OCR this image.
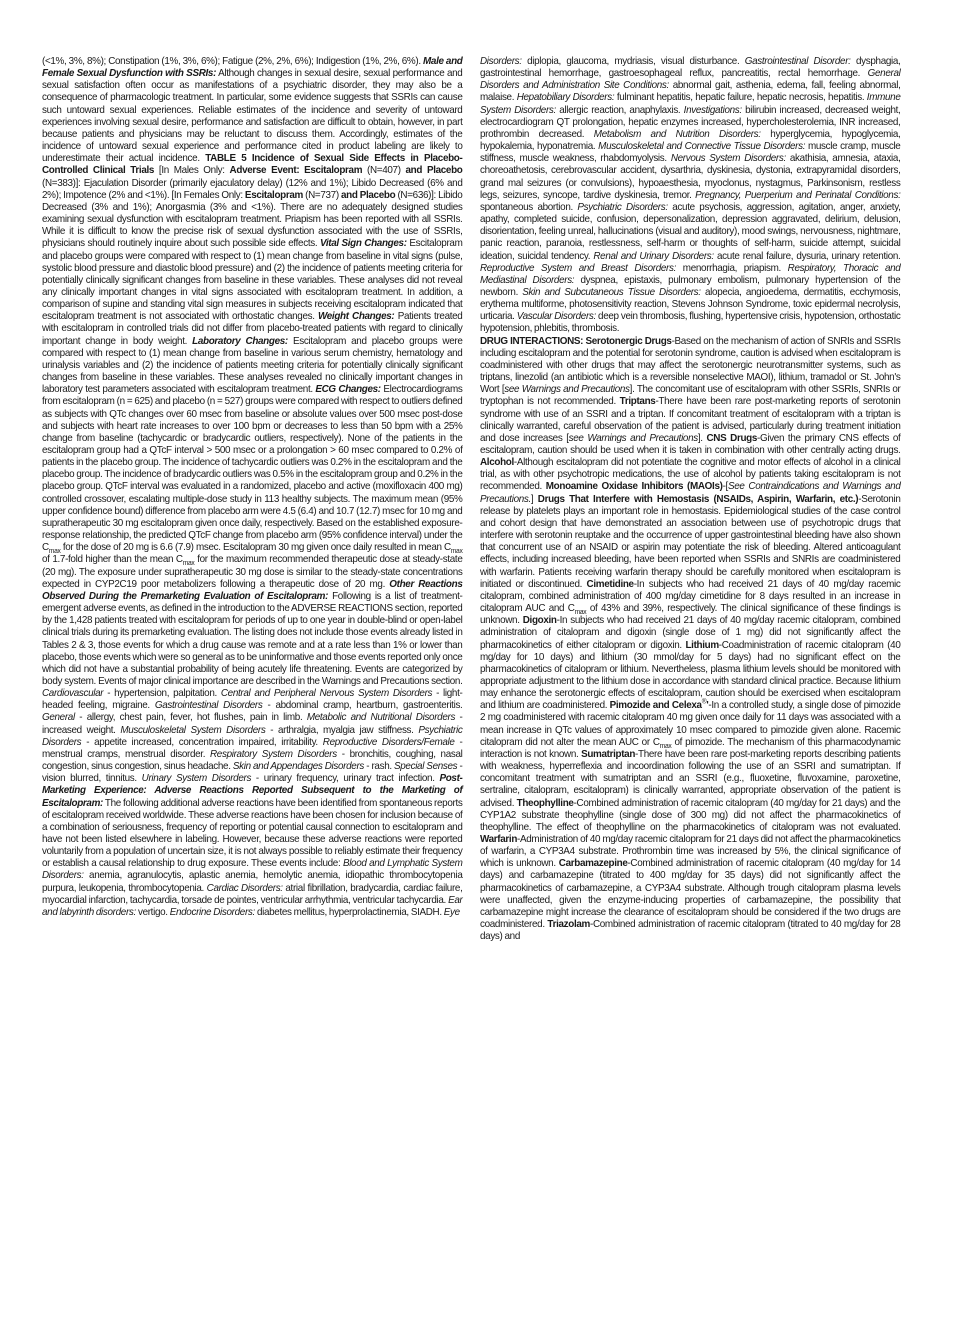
(<1%, 3%, 8%); Constipation (1%, 3%, 6%); Fatigue (2%, 2%, 6%); Indigestion (1%, 2%, 6%). Male and Female Sexual Dysfunction with SSRIs: Although changes in sexual desire, sexual performance and sexual satisfaction often occur as manifestations of a psychiatric disorder, they may also be a consequence of pharmacologic treatment. In particular, some evidence suggests that SSRIs can cause such untoward sexual experiences. Reliable estimates of the incidence and severity of untoward experiences involving sexual desire, performance and satisfaction are difficult to obtain, however, in part because patients and physicians may be reluctant to discuss them. Accordingly, estimates of the incidence of untoward sexual experience and performance cited in product labeling are likely to underestimate their actual incidence. TABLE 5 Incidence of Sexual Side Effects in Placebo-Controlled Clinical Trials [In Males Only: Adverse Event: Escitalopram (N=407) and Placebo (N=383)]: Ejaculation Disorder (primarily ejaculatory delay) (12% and 1%); Libido Decreased (6% and 2%); Impotence (2% and <1%). [In Females Only: Escitalopram (N=737) and Placebo (N=636)]: Libido Decreased (3% and 1%); Anorgasmia (3% and <1%). There are no adequately designed studies examining sexual dysfunction with escitalopram treatment. Priapism has been reported with all SSRIs. While it is difficult to know the precise risk of sexual dysfunction associated with the use of SSRIs, physicians should routinely inquire about such possible side effects. Vital Sign Changes: Escitalopram and placebo groups were compared with respect to (1) mean change from baseline in vital signs (pulse, systolic blood pressure and diastolic blood pressure) and (2) the incidence of patients meeting criteria for potentially clinically significant changes from baseline in these variables. These analyses did not reveal any clinically important changes in vital signs associated with escitalopram treatment. In addition, a comparison of supine and standing vital sign measures in subjects receiving escitalopram indicated that escitalopram treatment is not associated with orthostatic changes. Weight Changes: Patients treated with escitalopram in controlled trials did not differ from placebo-treated patients with regard to clinically important change in body weight. Laboratory Changes: Escitalopram and placebo groups were compared with respect to (1) mean change from baseline in various serum chemistry, hematology and urinalysis variables and (2) the incidence of patients meeting criteria for potentially clinically significant changes from baseline in these variables. These analyses revealed no clinically important changes in laboratory test parameters associated with escitalopram treatment. ECG Changes: Electrocardiograms from escitalopram (n = 625) and placebo (n = 527) groups were compared with respect to outliers defined as subjects with QTc changes over 60 msec from baseline or absolute values over 500 msec post-dose and subjects with heart rate increases to over 100 bpm or decreases to less than 50 bpm with a 25% change from baseline (tachycardic or bradycardic outliers, respectively). None of the patients in the escitalopram group had a QTcF interval > 500 msec or a prolongation > 60 msec compared to 0.2% of patients in the placebo group. The incidence of tachycardic outliers was 0.2% in the escitalopram and the placebo group. The incidence of bradycardic outliers was 0.5% in the escitalopram group and 0.2% in the placebo group. QTcF interval was evaluated in a randomized, placebo and active (moxifloxacin 400 mg) controlled crossover, escalating multiple-dose study in 113 healthy subjects. The maximum mean (95% upper confidence bound) difference from placebo arm were 4.5 (6.4) and 10.7 (12.7) msec for 10 mg and supratherapeutic 30 mg escitalopram given once daily, respectively. Based on the established exposure-response relationship, the predicted QTcF change from placebo arm (95% confidence interval) under the $C_{max}$ for the dose of 20 mg is 6.6 (7.9) msec. Escitalopram 30 mg given once daily resulted in mean $C_{max}$ of 1.7-fold higher than the mean $C_{max}$ for the maximum recommended therapeutic dose at steady-state (20 mg). The exposure under supratherapeutic 30 mg dose is similar to the steady-state concentrations expected in CYP2C19 poor metabolizers following a therapeutic dose of 20 mg. Other Reactions Observed During the Premarketing Evaluation of Escitalopram: Following is a list of treatment-emergent adverse events, as defined in the introduction to the ADVERSE REACTIONS section, reported by the 1,428 patients treated with escitalopram for periods of up to one year in double-blind or open-label clinical trials during its premarketing evaluation. The listing does not include those events already listed in Tables 2 & 3, those events for which a drug cause was remote and at a rate less than 1% or lower than placebo, those events which were so general as to be uninformative and those events reported only once which did not have a substantial probability of being acutely life threatening. Events are categorized by body system. Events of major clinical importance are described in the Warnings and Precautions section. Cardiovascular - hypertension, palpitation. Central and Peripheral Nervous System Disorders - light-headed feeling, migraine. Gastrointestinal Disorders - abdominal cramp, heartburn, gastroenteritis. General - allergy, chest pain, fever, hot flushes, pain in limb. Metabolic and Nutritional Disorders - increased weight. Musculoskeletal System Disorders - arthralgia, myalgia jaw stiffness. Psychiatric Disorders - appetite increased, concentration impaired, irritability. Reproductive Disorders/Female - menstrual cramps, menstrual disorder. Respiratory System Disorders - bronchitis, coughing, nasal congestion, sinus congestion, sinus headache. Skin and Appendages Disorders - rash. Special Senses - vision blurred, tinnitus. Urinary System Disorders - urinary frequency, urinary tract infection. Post-Marketing Experience: Adverse Reactions Reported Subsequent to the Marketing of Escitalopram: The following additional adverse reactions have been identified from spontaneous reports of escitalopram received worldwide. These adverse reactions have been chosen for inclusion because of a combination of seriousness, frequency of reporting or potential causal connection to escitalopram and have not been listed elsewhere in labeling. However, because these adverse reactions were reported voluntarily from a population of uncertain size, it is not always possible to reliably estimate their frequency or establish a causal relationship to drug exposure. These events include: Blood and Lymphatic System Disorders: anemia, agranulocytis, aplastic anemia, hemolytic anemia, idiopathic thrombocytopenia purpura, leukopenia, thrombocytopenia. Cardiac Disorders: atrial fibrillation, bradycardia, cardiac failure, myocardial infarction, tachycardia, torsade de pointes, ventricular arrhythmia, ventricular tachycardia. Ear and labyrinth disorders: vertigo. Endocrine Disorders: diabetes mellitus, hyperprolactinemia, SIADH. Eye

Disorders: diplopia, glaucoma, mydriasis, visual disturbance. Gastrointestinal Disorder: dysphagia, gastrointestinal hemorrhage, gastroesophageal reflux, pancreatitis, rectal hemorrhage. General Disorders and Administration Site Conditions: abnormal gait, asthenia, edema, fall, feeling abnormal, malaise. Hepatobiliary Disorders: fulminant hepatitis, hepatic failure, hepatic necrosis, hepatitis. Immune System Disorders: allergic reaction, anaphylaxis. Investigations: bilirubin increased, decreased weight, electrocardiogram QT prolongation, hepatic enzymes increased, hypercholesterolemia, INR increased, prothrombin decreased. Metabolism and Nutrition Disorders: hyperglycemia, hypoglycemia, hypokalemia, hyponatremia. Musculoskeletal and Connective Tissue Disorders: muscle cramp, muscle stiffness, muscle weakness, rhabdomyolysis. Nervous System Disorders: akathisia, amnesia, ataxia, choreoathetosis, cerebrovascular accident, dysarthria, dyskinesia, dystonia, extrapyramidal disorders, grand mal seizures (or convulsions), hypoaesthesia, myoclonus, nystagmus, Parkinsonism, restless legs, seizures, syncope, tardive dyskinesia, tremor. Pregnancy, Puerperium and Perinatal Conditions: spontaneous abortion. Psychiatric Disorders: acute psychosis, aggression, agitation, anger, anxiety, apathy, completed suicide, confusion, depersonalization, depression aggravated, delirium, delusion, disorientation, feeling unreal, hallucinations (visual and auditory), mood swings, nervousness, nightmare, panic reaction, paranoia, restlessness, self-harm or thoughts of self-harm, suicide attempt, suicidal ideation, suicidal tendency. Renal and Urinary Disorders: acute renal failure, dysuria, urinary retention. Reproductive System and Breast Disorders: menorrhagia, priapism. Respiratory, Thoracic and Mediastinal Disorders: dyspnea, epistaxis, pulmonary embolism, pulmonary hypertension of the newborn. Skin and Subcutaneous Tissue Disorders: alopecia, angioedema, dermatitis, ecchymosis, erythema multiforme, photosensitivity reaction, Stevens Johnson Syndrome, toxic epidermal necrolysis, urticaria. Vascular Disorders: deep vein thrombosis, flushing, hypertensive crisis, hypotension, orthostatic hypotension, phlebitis, thrombosis.
DRUG INTERACTIONS: Serotonergic Drugs-Based on the mechanism of action of SNRIs and SSRIs including escitalopram and the potential for serotonin syndrome, caution is advised when escitalopram is coadministered with other drugs that may affect the serotonergic neurotransmitter systems, such as triptans, linezolid (an antibiotic which is a reversible nonselective MAOI), lithium, tramadol or St. John's Wort [see Warnings and Precautions]. The concomitant use of escitalopram with other SSRIs, SNRIs or tryptophan is not recommended. Triptans-There have been rare post-marketing reports of serotonin syndrome with use of an SSRI and a triptan. If concomitant treatment of escitalopram with a triptan is clinically warranted, careful observation of the patient is advised, particularly during treatment initiation and dose increases [see Warnings and Precautions]. CNS Drugs-Given the primary CNS effects of escitalopram, caution should be used when it is taken in combination with other centrally acting drugs. Alcohol-Although escitalopram did not potentiate the cognitive and motor effects of alcohol in a clinical trial, as with other psychotropic medications, the use of alcohol by patients taking escitalopram is not recommended. Monoamine Oxidase Inhibitors (MAOIs)-[See Contraindications and Warnings and Precautions.] Drugs That Interfere with Hemostasis (NSAIDs, Aspirin, Warfarin, etc.)-Serotonin release by platelets plays an important role in hemostasis. Epidemiological studies of the case control and cohort design that have demonstrated an association between use of psychotropic drugs that interfere with serotonin reuptake and the occurrence of upper gastrointestinal bleeding have also shown that concurrent use of an NSAID or aspirin may potentiate the risk of bleeding. Altered anticoagulant effects, including increased bleeding, have been reported when SSRIs and SNRIs are coadministered with warfarin. Patients receiving warfarin therapy should be carefully monitored when escitalopram is initiated or discontinued. Cimetidine-In subjects who had received 21 days of 40 mg/day racemic citalopram, combined administration of 400 mg/day cimetidine for 8 days resulted in an increase in citalopram AUC and $C_{max}$ of 43% and 39%, respectively. The clinical significance of these findings is unknown. Digoxin-In subjects who had received 21 days of 40 mg/day racemic citalopram, combined administration of citalopram and digoxin (single dose of 1 mg) did not significantly affect the pharmacokinetics of either citalopram or digoxin. Lithium-Coadministration of racemic citalopram (40 mg/day for 10 days) and lithium (30 mmol/day for 5 days) had no significant effect on the pharmacokinetics of citalopram or lithium. Nevertheless, plasma lithium levels should be monitored with appropriate adjustment to the lithium dose in accordance with standard clinical practice. Because lithium may enhance the serotonergic effects of escitalopram, caution should be exercised when escitalopram and lithium are coadministered. Pimozide and Celexa®'-In a controlled study, a single dose of pimozide 2 mg coadministered with racemic citalopram 40 mg given once daily for 11 days was associated with a mean increase in QTc values of approximately 10 msec compared to pimozide given alone. Racemic citalopram did not alter the mean AUC or $C_{max}$ of pimozide. The mechanism of this pharmacodynamic interaction is not known. Sumatriptan-There have been rare post-marketing reports describing patients with weakness, hyperreflexia and incoordination following the use of an SSRI and sumatriptan. If concomitant treatment with sumatriptan and an SSRI (e.g., fluoxetine, fluvoxamine, paroxetine, sertraline, citalopram, escitalopram) is clinically warranted, appropriate observation of the patient is advised. Theophylline-Combined administration of racemic citalopram (40 mg/day for 21 days) and the CYP1A2 substrate theophylline (single dose of 300 mg) did not affect the pharmacokinetics of theophylline. The effect of theophylline on the pharmacokinetics of citalopram was not evaluated. Warfarin-Administration of 40 mg/day racemic citalopram for 21 days did not affect the pharmacokinetics of warfarin, a CYP3A4 substrate. Prothrombin time was increased by 5%, the clinical significance of which is unknown. Carbamazepine-Combined administration of racemic citalopram (40 mg/day for 14 days) and carbamazepine (titrated to 400 mg/day for 35 days) did not significantly affect the pharmacokinetics of carbamazepine, a CYP3A4 substrate. Although trough citalopram plasma levels were unaffected, given the enzyme-inducing properties of carbamazepine, the possibility that carbamazepine might increase the clearance of escitalopram should be considered if the two drugs are coadministered. Triazolam-Combined administration of racemic citalopram (titrated to 40 mg/day for 28 days) and
